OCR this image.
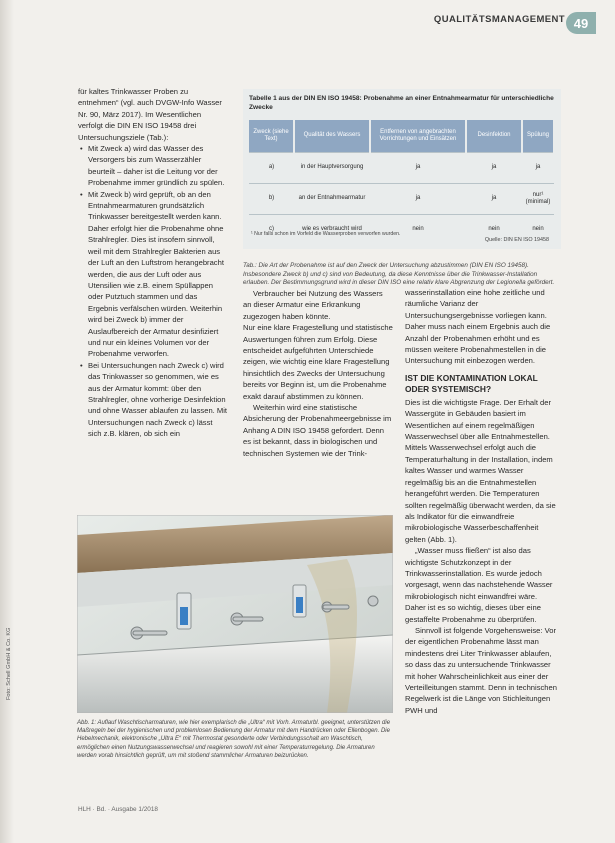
QUALITÄTSMANAGEMENT 49

für kaltes Trinkwasser Proben zu entnehmen“ (vgl. auch DVGW-Info Wasser Nr. 90, März 2017). Im Wesentlichen verfolgt die DIN EN ISO 19458 drei Untersuchungsziele (Tab.):

• Mit Zweck a) wird das Wasser des Versorgers bis zum Wasserzähler beurteilt – daher ist die Leitung vor der Probenahme immer gründlich zu spülen.
• Mit Zweck b) wird geprüft, ob an den Entnahmearmaturen grundsätzlich Trinkwasser bereitgestellt werden kann. Daher erfolgt hier die Probenahme ohne Strahlregler. Dies ist insofern sinnvoll, weil mit dem Strahlregler Bakterien aus der Luft an den Luftstrom herangebracht werden, die aus der Luft oder aus Utensilien wie z.B. einem Spüllappen oder Putztuch stammen und das Ergebnis verfälschen würden. Weiterhin wird bei Zweck b) immer der Auslaufbereich der Armatur desinfiziert und nur ein kleines Volumen vor der Probenahme verworfen.
• Bei Untersuchungen nach Zweck c) wird das Trinkwasser so genommen, wie es aus der Armatur kommt: über den Strahlregler, ohne vorherige Desinfektion und ohne Wasser ablaufen zu lassen. Mit Untersuchungen nach Zweck c) lässt sich z.B. klären, ob sich ein
Tabelle 1 aus der DIN EN ISO 19458: Probenahme an einer Entnahmearmatur für unterschiedliche Zwecke
Zweck (siehe Text)	Qualität des Wassers	Entfernen von angebrachten Vorrichtungen und Einsätzen	Desinfektion	Spülung
a)	in der Hauptversorgung	ja	ja	ja
b)	an der Entnahmearmatur	ja	ja	nur¹ (minimal)
c)	wie es verbraucht wird	nein	nein	nein
¹ Nur falls schon im Vorfeld die Wasserproben verworfen wurden.
Quelle: DIN EN ISO 19458
Tab.: Die Art der Probenahme ist auf den Zweck der Untersuchung abzustimmen (DIN EN ISO 19458). Insbesondere Zweck b) und c) sind von Bedeutung, da diese Kenntnisse über die Trinkwasser-Installation erlauben. Der Bestimmungsgrund wird in dieser DIN ISO eine relativ klare Abgrenzung der Legionella gefördert.

Verbraucher bei Nutzung des Wassers an dieser Armatur eine Erkrankung zugezogen haben könnte.

Nur eine klare Fragestellung und statistische Auswertungen führen zum Erfolg. Diese entscheidet aufgeführten Unterschiede zeigen, wie wichtig eine klare Fragestellung hinsichtlich des Zwecks der Untersuchung bereits vor Beginn ist, um die Probenahme exakt darauf abstimmen zu können.

Weiterhin wird eine statistische Absicherung der Probenahmeergebnisse im Anhang A DIN ISO 19458 gefordert. Denn es ist bekannt, dass in biologischen und technischen Systemen wie der Trink-

wasserinstallation eine hohe zeitliche und räumliche Varianz der Untersuchungsergebnisse vorliegen kann. Daher muss nach einem Ergebnis auch die Anzahl der Probenahmen erhöht und es müssen weitere Probenahmestellen in die Untersuchung mit einbezogen werden.

IST DIE KONTAMINATION LOKAL ODER SYSTEMISCH?

Dies ist die wichtigste Frage. Der Erhalt der Wassergüte in Gebäuden basiert im Wesentlichen auf einem regelmäßigen Wasserwechsel über alle Entnahmestellen. Mittels Wasserwechsel erfolgt auch die Temperaturhaltung in der Installation, indem kaltes Wasser und warmes Wasser regelmäßig bis an die Entnahmestellen herangeführt werden. Die Temperaturen sollten regelmäßig überwacht werden, da sie als Indikator für die einwandfreie mikrobiologische Wasserbeschaffenheit gelten (Abb. 1).

„Wasser muss fließen“ ist also das wichtigste Schutzkonzept in der Trinkwasserinstallation. Es wurde jedoch vorgesagt, wenn das nachstehende Wasser mikrobiologisch nicht einwandfrei wäre. Daher ist es so wichtig, dieses über eine gestaffelte Probenahme zu überprüfen.

Sinnvoll ist folgende Vorgehensweise: Vor der eigentlichen Probenahme lässt man mindestens drei Liter Trinkwasser ablaufen, so dass das zu untersuchende Trinkwasser mit hoher Wahrscheinlichkeit aus einer der Verteilleitungen stammt. Denn in technischen Regelwerk ist die Länge von Stichleitungen PWH und

Abb. 1: Auflauf Waschtischarmaturen, wie hier exemplarisch die „Ultra“ mit Vorh. Armaturbl. geeignet, unterstützen die Maßregeln bei der hygienischen und problemlosen Bedienung der Armatur mit dem Handrücken oder Ellenbogen. Die Hebelmechanik, elektronische „Ultra E“ mit Thermostat gesonderte oder Verbindungsschalt am Waschtisch, ermöglichen einen Nutzungswasserwechsel und reagieren sowohl mit einer Temperaturregelung. Die Armaturen werden vorab hinsichtlich geprüft, um mit stoßend stammlicher Armaturen beizurücken.
Foto: Schell GmbH & Co. KG
HLH · Bd. · Ausgabe 1/2018
